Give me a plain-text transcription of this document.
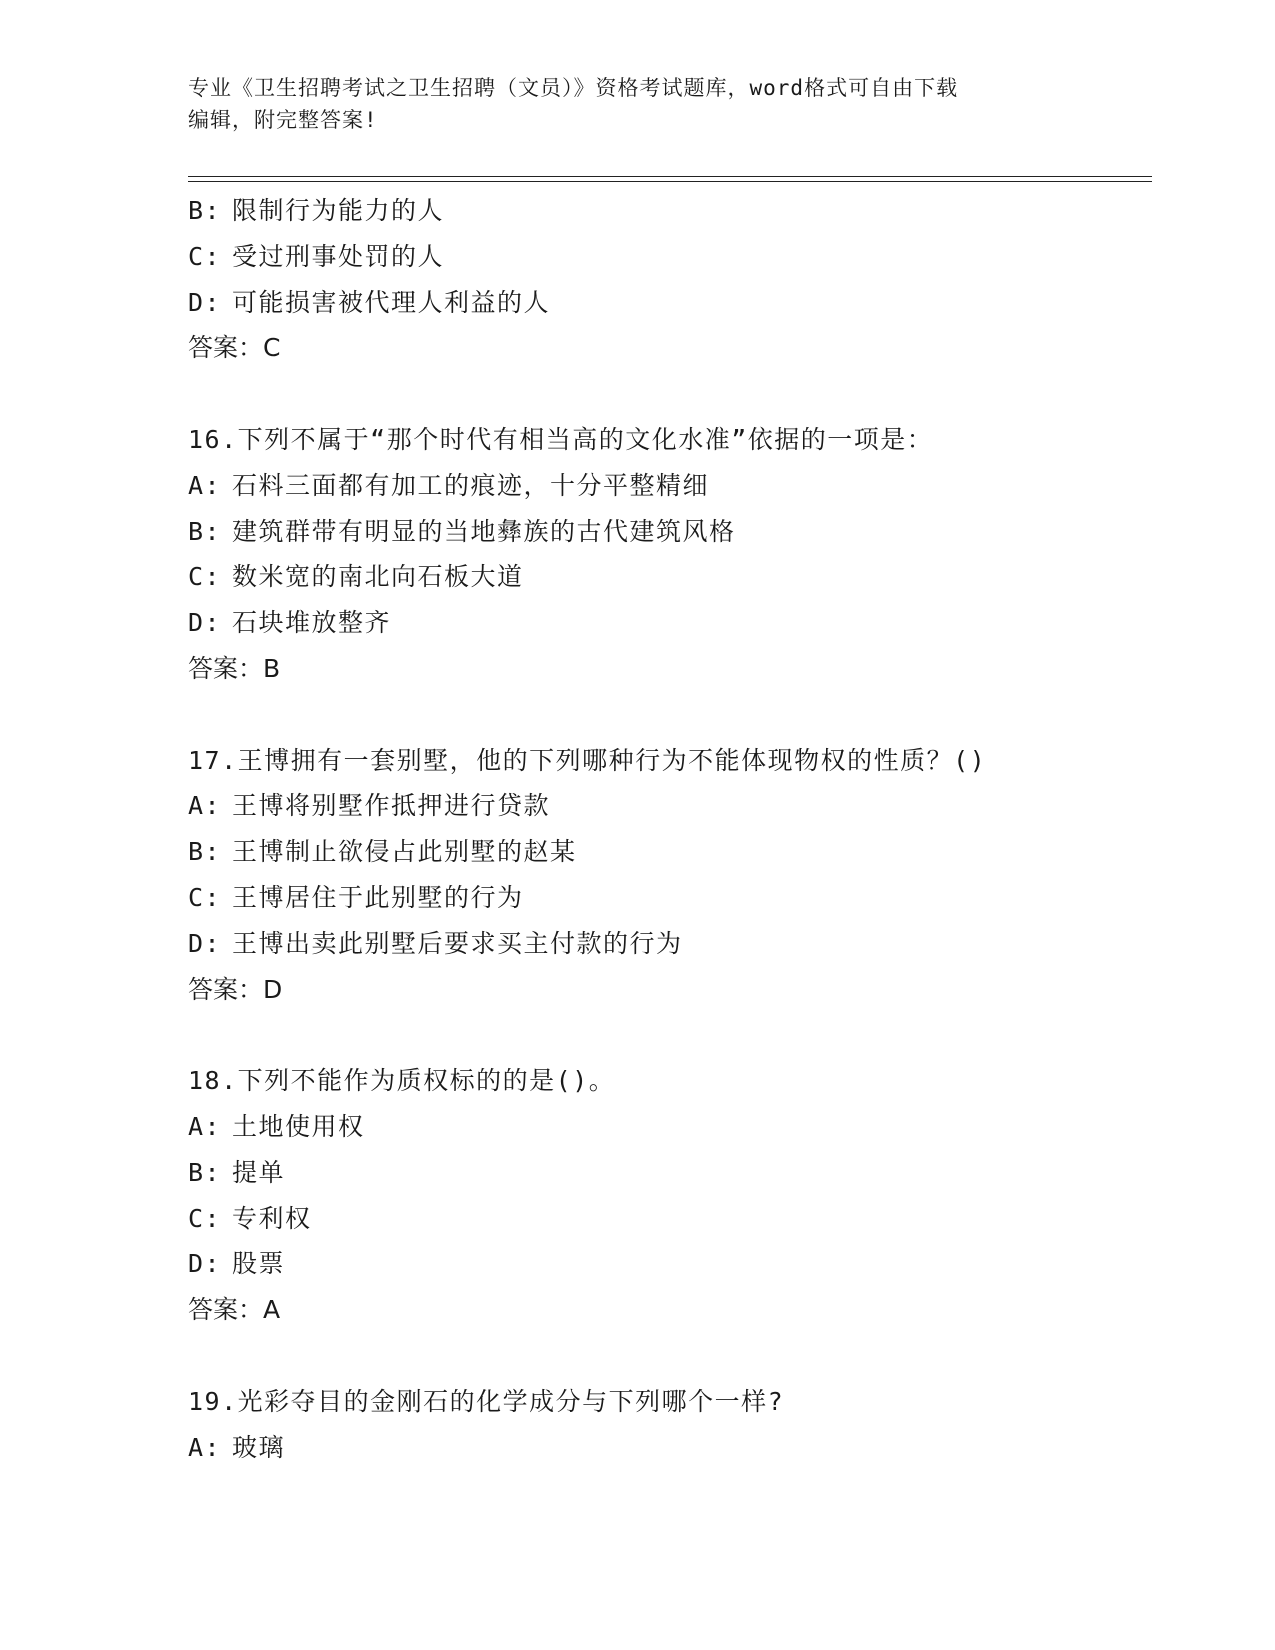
专业《卫生招聘考试之卫生招聘（文员）》资格考试题库，word格式可自由下载
编辑，附完整答案!
B: 限制行为能力的人
C: 受过刑事处罚的人
D: 可能损害被代理人利益的人
答案：C
16.下列不属于“那个时代有相当高的文化水准”依据的一项是：
A: 石料三面都有加工的痕迹，十分平整精细
B: 建筑群带有明显的当地彝族的古代建筑风格
C: 数米宽的南北向石板大道
D: 石块堆放整齐
答案：B
17.王博拥有一套别墅，他的下列哪种行为不能体现物权的性质？()
A: 王博将别墅作抵押进行贷款
B: 王博制止欲侵占此别墅的赵某
C: 王博居住于此别墅的行为
D: 王博出卖此别墅后要求买主付款的行为
答案：D
18.下列不能作为质权标的的是()。
A: 土地使用权
B: 提单
C: 专利权
D: 股票
答案：A
19.光彩夺目的金刚石的化学成分与下列哪个一样?
A: 玻璃
